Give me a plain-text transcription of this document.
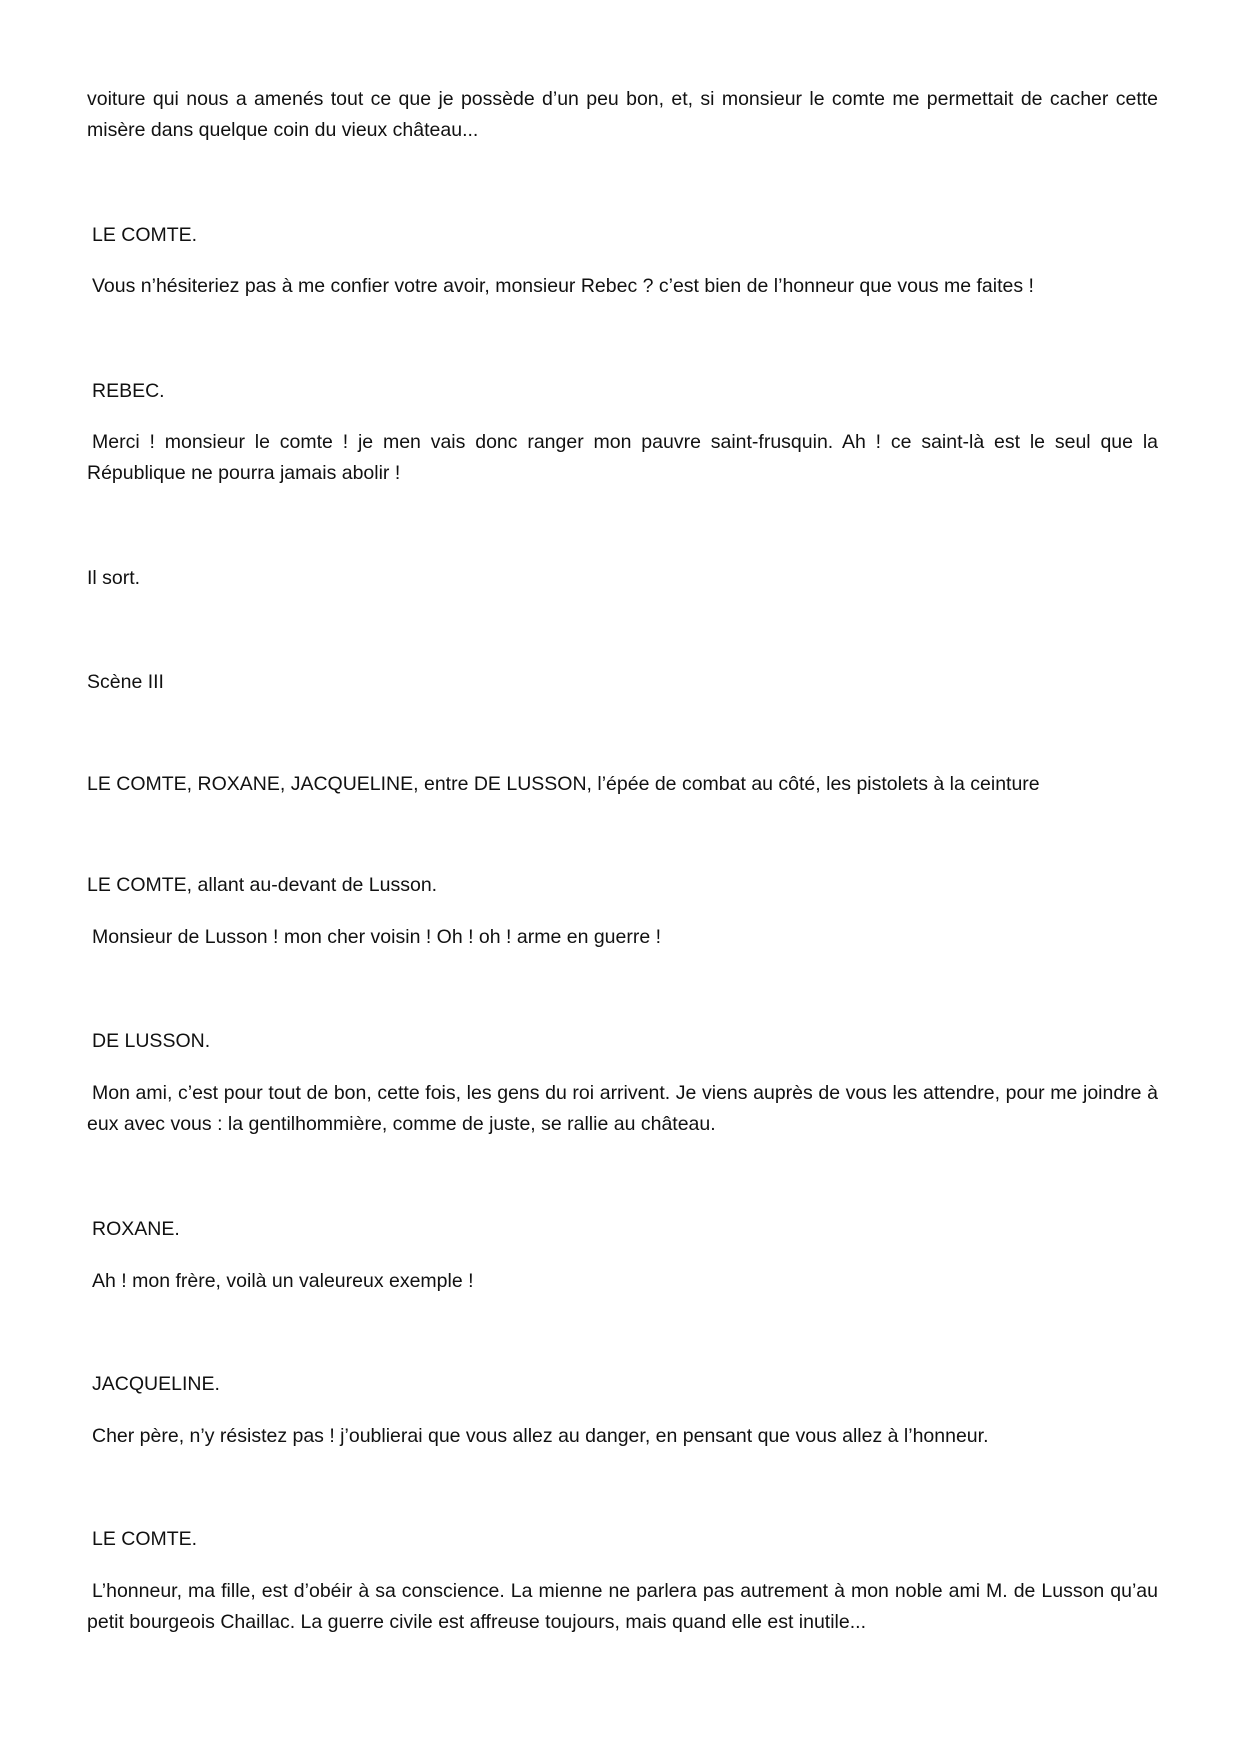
voiture qui nous a amenés tout ce que je possède d’un peu bon, et, si monsieur le comte me permettait de cacher cette misère dans quelque coin du vieux château...

LE COMTE.

Vous n’hésiteriez pas à me confier votre avoir, monsieur Rebec ? c’est bien de l’honneur que vous me faites !

REBEC.

Merci ! monsieur le comte ! je men vais donc ranger mon pauvre saint-frusquin. Ah ! ce saint-là est le seul que la République ne pourra jamais abolir !

Il sort.

Scène III

LE COMTE, ROXANE, JACQUELINE, entre DE LUSSON, l’épée de combat au côté, les pistolets à la ceinture

LE COMTE, allant au-devant de Lusson.

Monsieur de Lusson ! mon cher voisin ! Oh ! oh ! arme en guerre !

DE LUSSON.

Mon ami, c’est pour tout de bon, cette fois, les gens du roi arrivent. Je viens auprès de vous les attendre, pour me joindre à eux avec vous : la gentilhommière, comme de juste, se rallie au château.

ROXANE.

Ah ! mon frère, voilà un valeureux exemple !

JACQUELINE.

Cher père, n’y résistez pas ! j’oublierai que vous allez au danger, en pensant que vous allez à l’honneur.

LE COMTE.

L’honneur, ma fille, est d’obéir à sa conscience. La mienne ne parlera pas autrement à mon noble ami M. de Lusson qu’au petit bourgeois Chaillac. La guerre civile est affreuse toujours, mais quand elle est inutile...
